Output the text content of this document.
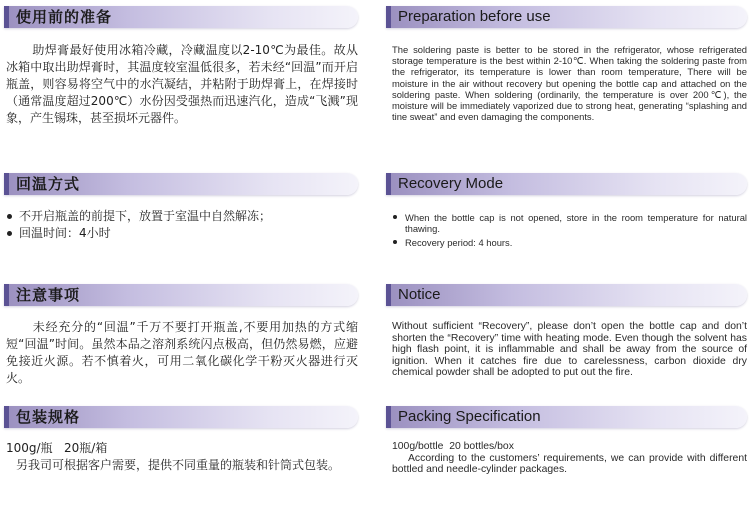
使用前的准备	Preparation before use

助焊膏最好使用冰箱冷藏，冷藏温度以2-10℃为最佳。故从冰箱中取出助焊膏时，其温度较室温低很多，若未经“回温”而开启瓶盖，则容易将空气中的水汽凝结，并粘附于助焊膏上，在焊接时（通常温度超过200℃）水份因受强热而迅速汽化，造成“飞溅”现象，产生锡珠，甚至损坏元器件。

The soldering paste is better to be stored in the refrigerator, whose refrigerated storage temperature is the best within 2-10℃. When taking the soldering paste from the refrigerator, its temperature is lower than room temperature, There will be moisture in the air without recovery but opening the bottle cap and attached on the soldering paste. When soldering (ordinarily, the temperature is over 200℃), the moisture will be immediately vaporized due to strong heat, generating “splashing and tine sweat” and even damaging the components.

回温方式	Recovery Mode
不开启瓶盖的前提下，放置于室温中自然解冻；
回温时间：4小时
When the bottle cap is not opened, store in the room temperature for natural thawing.
Recovery period: 4 hours.
注意事项	Notice

未经充分的“回温”千万不要打开瓶盖,不要用加热的方式缩短“回温”时间。虽然本品之溶剂系统闪点极高，但仍然易燃，应避免接近火源。若不慎着火，可用二氧化碳化学干粉灭火器进行灭火。

Without sufficient “Recovery”, please don’t open the bottle cap and don’t shorten the “Recovery” time with heating mode. Even though the solvent has high flash point, it is inflammable and shall be away from the source of ignition. When it catches fire due to carelessness, carbon dioxide dry chemical powder shall be adopted to put out the fire.

包装规格	Packing Specification
100g/瓶   20瓶/箱
另我司可根据客户需要，提供不同重量的瓶装和针筒式包装。
100g/bottle  20 bottles/box
According to the customers’ requirements, we can provide with different bottled and needle-cylinder packages.
